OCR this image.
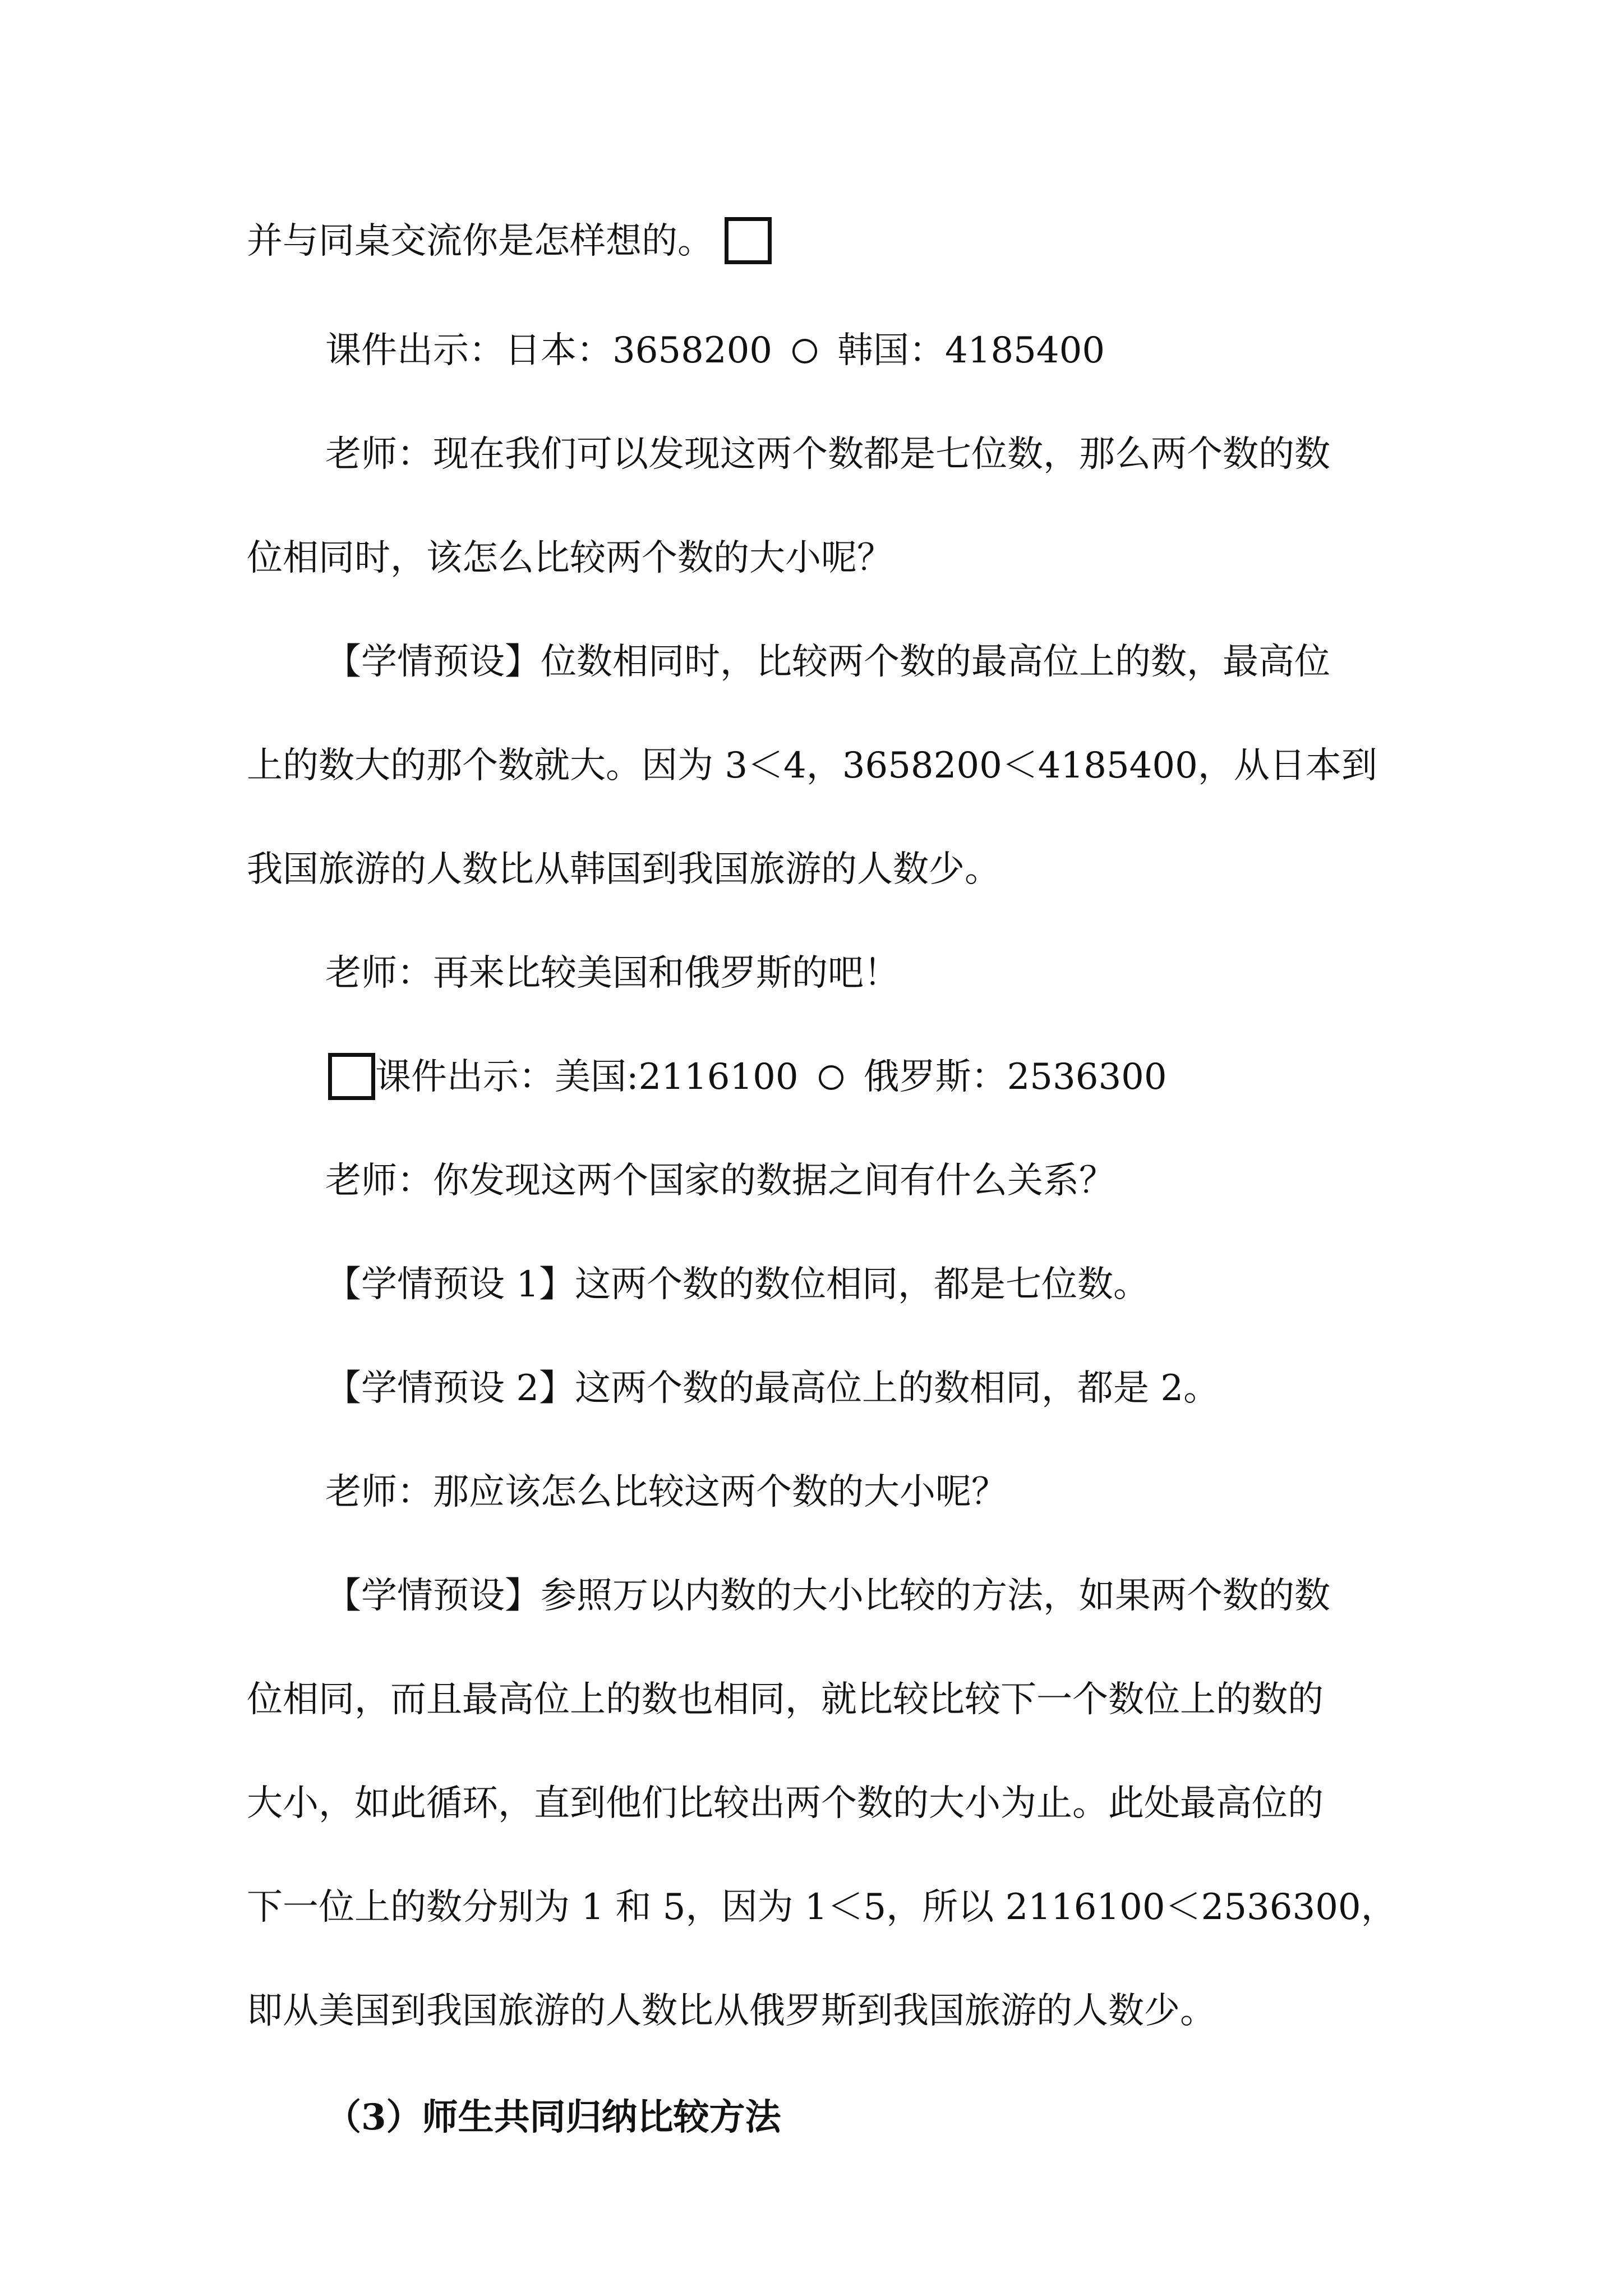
并与同桌交流你是怎样想的。
课件出示：日本：3658200 韩国：4185400
老师：现在我们可以发现这两个数都是七位数，那么两个数的数
位相同时，该怎么比较两个数的大小呢？
【学情预设】位数相同时，比较两个数的最高位上的数，最高位
上的数大的那个数就大。因为 3＜4，3658200＜4185400，从日本到
我国旅游的人数比从韩国到我国旅游的人数少。
老师：再来比较美国和俄罗斯的吧！
课件出示：美国:2116100 俄罗斯：2536300
老师：你发现这两个国家的数据之间有什么关系？
【学情预设 1】这两个数的数位相同，都是七位数。
【学情预设 2】这两个数的最高位上的数相同，都是 2。
老师：那应该怎么比较这两个数的大小呢？
【学情预设】参照万以内数的大小比较的方法，如果两个数的数
位相同，而且最高位上的数也相同，就比较比较下一个数位上的数的
大小，如此循环，直到他们比较出两个数的大小为止。此处最高位的
下一位上的数分别为 1 和 5，因为 1＜5，所以 2116100＜2536300，
即从美国到我国旅游的人数比从俄罗斯到我国旅游的人数少。
（3）师生共同归纳比较方法
